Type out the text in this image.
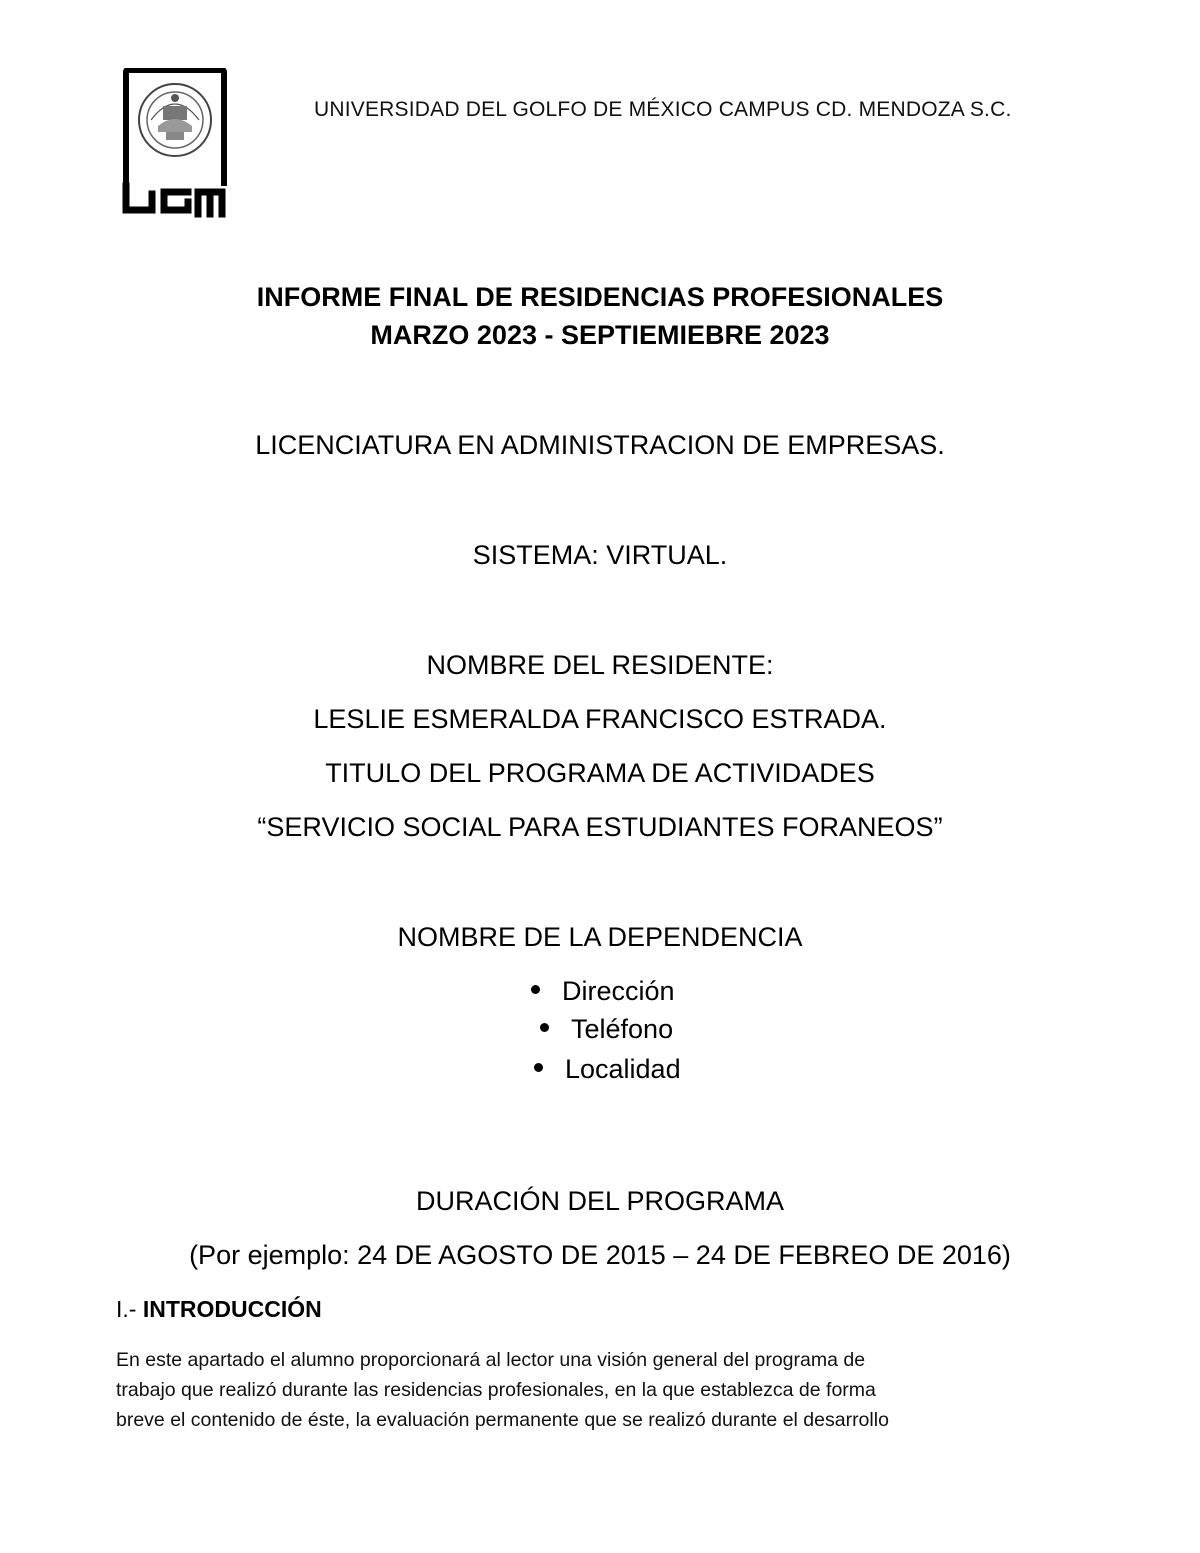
UNIVERSIDAD DEL GOLFO DE MÉXICO CAMPUS CD. MENDOZA S.C.
INFORME FINAL DE RESIDENCIAS PROFESIONALES
MARZO 2023 - SEPTIEMIEBRE 2023
LICENCIATURA EN ADMINISTRACION DE EMPRESAS.
SISTEMA: VIRTUAL.
NOMBRE DEL RESIDENTE:
LESLIE ESMERALDA FRANCISCO ESTRADA.
TITULO DEL PROGRAMA DE ACTIVIDADES
“SERVICIO SOCIAL PARA ESTUDIANTES FORANEOS”
NOMBRE DE LA DEPENDENCIA
Dirección
Teléfono
Localidad
DURACIÓN DEL PROGRAMA
(Por ejemplo: 24 DE AGOSTO DE 2015 – 24 DE FEBREO DE 2016)
I.- INTRODUCCIÓN
En este apartado el alumno proporcionará al lector una visión general del programa de
trabajo que realizó durante las residencias profesionales, en la que establezca de forma
breve el contenido de éste, la evaluación permanente que se realizó durante el desarrollo
